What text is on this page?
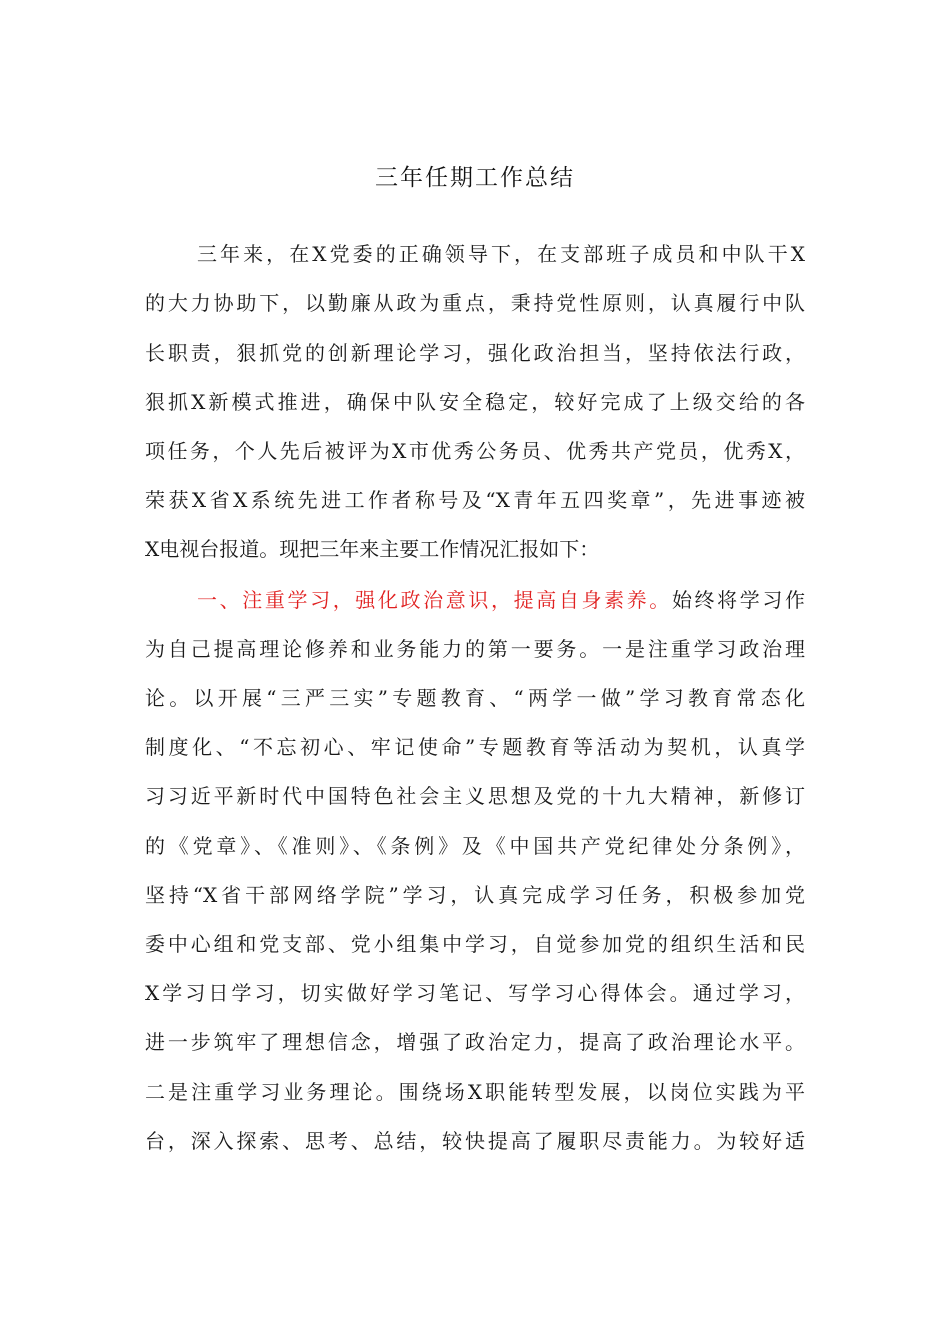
三年任期工作总结
三年来，在X党委的正确领导下，在支部班子成员和中队干X
的大力协助下，以勤廉从政为重点，秉持党性原则，认真履行中队
长职责，狠抓党的创新理论学习，强化政治担当，坚持依法行政，
狠抓X新模式推进，确保中队安全稳定，较好完成了上级交给的各
项任务，个人先后被评为X市优秀公务员、优秀共产党员，优秀X，
荣获X省X系统先进工作者称号及“X青年五四奖章”，先进事迹被
X电视台报道。现把三年来主要工作情况汇报如下：
一、注重学习，强化政治意识，提高自身素养。始终将学习作
为自己提高理论修养和业务能力的第一要务。一是注重学习政治理
论。以开展“三严三实”专题教育、“两学一做”学习教育常态化
制度化、“不忘初心、牢记使命”专题教育等活动为契机，认真学
习习近平新时代中国特色社会主义思想及党的十九大精神，新修订
的《党章》、《准则》、《条例》及《中国共产党纪律处分条例》，
坚持“X省干部网络学院”学习，认真完成学习任务，积极参加党
委中心组和党支部、党小组集中学习，自觉参加党的组织生活和民
X学习日学习，切实做好学习笔记、写学习心得体会。通过学习，
进一步筑牢了理想信念，增强了政治定力，提高了政治理论水平。
二是注重学习业务理论。围绕场X职能转型发展，以岗位实践为平
台，深入探索、思考、总结，较快提高了履职尽责能力。为较好适
